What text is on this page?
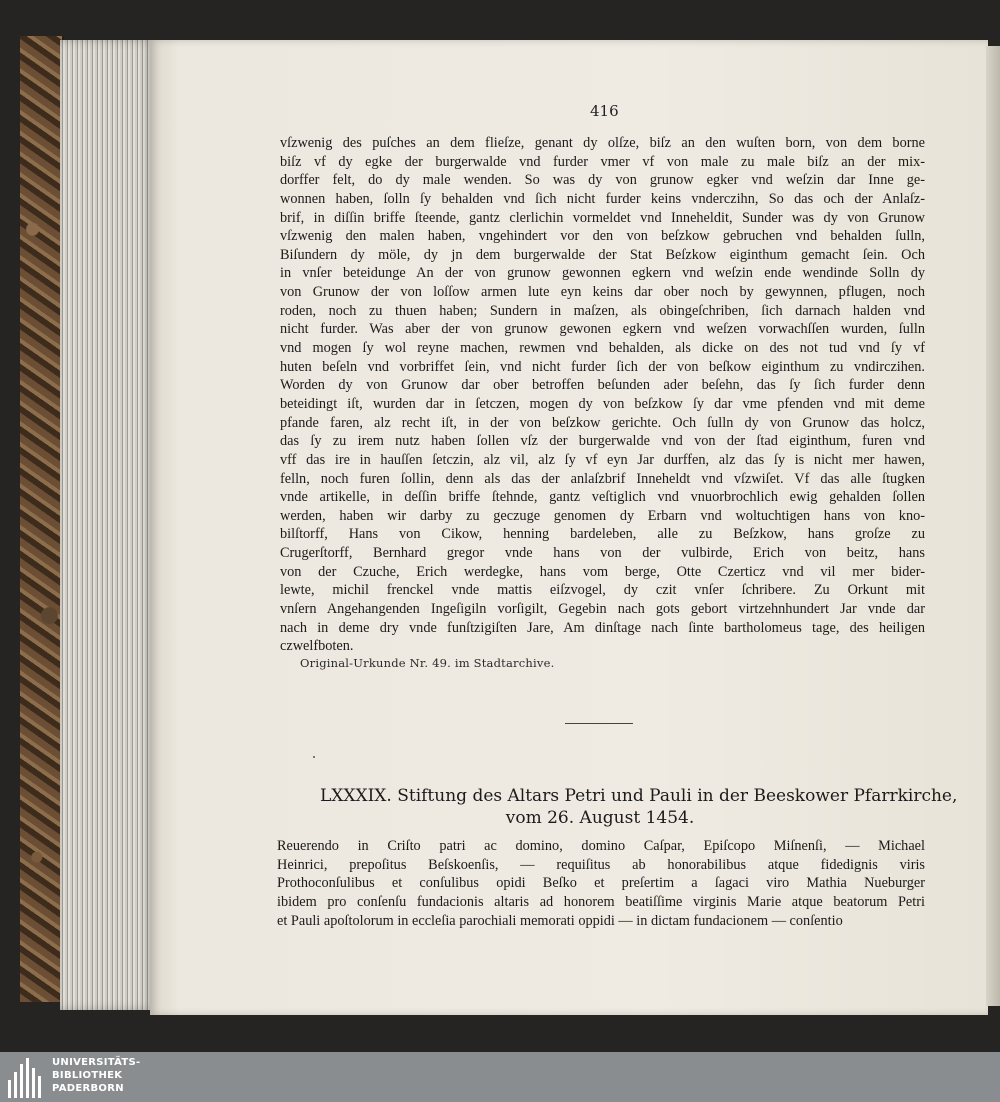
416
vſzwenig des puſches an dem flieſze, genant dy olſze, biſz an den wuſten born, von dem borne
biſz vf dy egke der burgerwalde vnd furder vmer vf von male zu male biſz an der mix-
dorffer felt, do dy male wenden. So was dy von grunow egker vnd weſzin dar Inne ge-
wonnen haben, ſolln ſy behalden vnd ſich nicht furder keins vnderczihn, So das och der Anlaſz-
brif, in diſſin briffe ſteende, gantz clerlichin vormeldet vnd Inneheldit, Sunder was dy von Grunow
vſzwenig den malen haben, vngehindert vor den von beſzkow gebruchen vnd behalden ſulln,
Biſundern dy möle, dy jn dem burgerwalde der Stat Beſzkow eiginthum gemacht ſein. Och
in vnſer beteidunge An der von grunow gewonnen egkern vnd weſzin ende wendinde Solln dy
von Grunow der von loſſow armen lute eyn keins dar ober noch by gewynnen, pflugen, noch
roden, noch zu thuen haben; Sundern in maſzen, als obingeſchriben, ſich darnach halden vnd
nicht furder. Was aber der von grunow gewonen egkern vnd weſzen vorwachſſen wurden, ſulln
vnd mogen ſy wol reyne machen, rewmen vnd behalden, als dicke on des not tud vnd ſy vf
huten beſeln vnd vorbriffet ſein, vnd nicht furder ſich der von beſkow eiginthum zu vndirczihen.
Worden dy von Grunow dar ober betroffen beſunden ader beſehn, das ſy ſich furder denn
beteidingt iſt, wurden dar in ſetczen, mogen dy von beſzkow ſy dar vme pfenden vnd mit deme
pfande faren, alz recht iſt, in der von beſzkow gerichte. Och ſulln dy von Grunow das holcz,
das ſy zu irem nutz haben ſollen vſz der burgerwalde vnd von der ſtad eiginthum, furen vnd
vff das ire in hauſſen ſetczin, alz vil, alz ſy vf eyn Jar durffen, alz das ſy is nicht mer hawen,
felln, noch furen ſollin, denn als das der anlaſzbrif Inneheldt vnd vſzwiſet. Vf das alle ſtugken
vnde artikelle, in deſſin briffe ſtehnde, gantz veſtiglich vnd vnuorbrochlich ewig gehalden ſollen
werden, haben wir darby zu geczuge genomen dy Erbarn vnd woltuchtigen hans von kno-
bilſtorff, Hans von Cikow, henning bardeleben, alle zu Beſzkow, hans groſze zu
Crugerſtorff, Bernhard gregor vnde hans von der vulbirde, Erich von beitz, hans
von der Czuche, Erich werdegke, hans vom berge, Otte Czerticz vnd vil mer bider-
lewte, michil frenckel vnde mattis eiſzvogel, dy czit vnſer ſchribere. Zu Orkunt mit
vnſern Angehangenden Ingeſigiln vorſigilt, Gegebin nach gots gebort virtzehnhundert Jar vnde dar
nach in deme dry vnde funſtzigiſten Jare, Am dinſtage nach ſinte bartholomeus tage, des heiligen
czwelfboten.
Original-Urkunde Nr. 49. im Stadtarchive.
LXXXIX. Stiftung des Altars Petri und Pauli in der Beeskower Pfarrkirche,
vom 26. August 1454.
Reuerendo in Criſto patri ac domino, domino Caſpar, Epiſcopo Miſnenſi, — Michael
Heinrici, prepoſitus Beſskoenſis, — requiſitus ab honorabilibus atque fidedignis viris
Prothoconſulibus et conſulibus opidi Beſko et preſertim a ſagaci viro Mathia Nueburger
ibidem pro conſenſu fundacionis altaris ad honorem beatiſſime virginis Marie atque beatorum Petri
et Pauli apoſtolorum in eccleſia parochiali memorati oppidi — in dictam fundacionem — conſentio
UNIVERSITÄTS-
BIBLIOTHEK
PADERBORN
